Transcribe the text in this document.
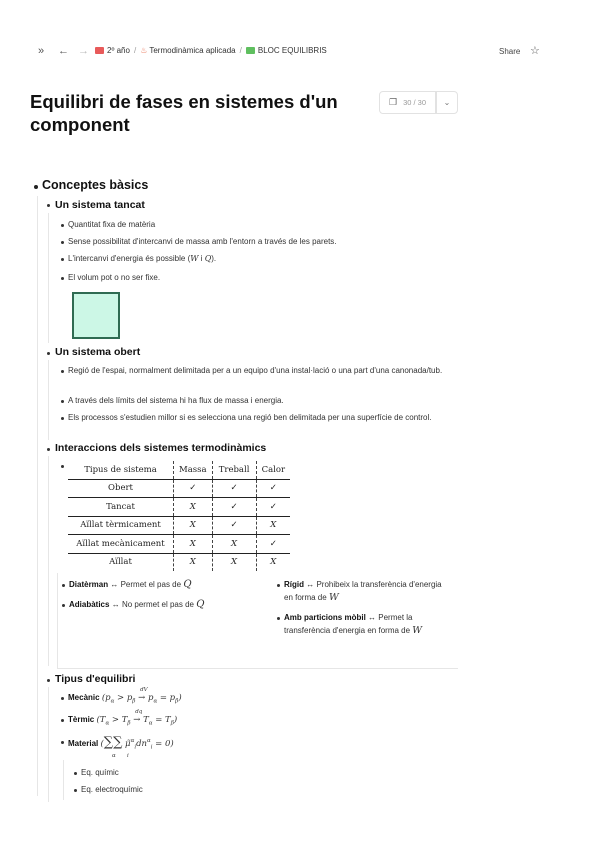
» ← → 2º año / ♨ Termodinàmica aplicada / BLOC EQUILIBRIS	Share ☆
Equilibri de fases en sistemes d'un component
❐ 30 / 30	⌄
Conceptes bàsics
Un sistema tancat
Quantitat fixa de matèria
Sense possibilitat d'intercanvi de massa amb l'entorn a través de les parets.
L'intercanvi d'energia és possible (W i Q).
El volum pot o no ser fixe.
Un sistema obert
Regió de l'espai, normalment delimitada per a un equipo d'una instal·lació o una part d'una canonada/tub.
A través dels límits del sistema hi ha flux de massa i energia.
Els processos s'estudien millor si es selecciona una regió ben delimitada per una superfície de control.
Interaccions dels sistemes termodinàmics
Tipus de sistema	Massa	Treball	Calor
Obert	✓	✓	✓
Tancat	X	✓	✓
Aïllat tèrmicament	X	✓	X
Aïllat mecànicament	X	X	✓
Aïllat	X	X	X
Diatèrman ↔ Permet el pas de Q
Adiabàtics ↔ No permet el pas de Q
Rígid ↔ Prohibeix la transferència d'energia en forma de W
Amb particions mòbil ↔ Permet la transferència d'energia en forma de W
Tipus d'equilibri
Mecànic ($p_\alpha > p_\beta$
dV
→ $p_\alpha = p_\beta$)
Tèrmic ($T_\alpha > T_\beta$
dq
→ $T_\alpha = T_\beta$)
Material (∑∑ $\mũ^\alpha_idn^\alpha_i = 0$)
α i
Eq. químic
Eq. electroquímic
